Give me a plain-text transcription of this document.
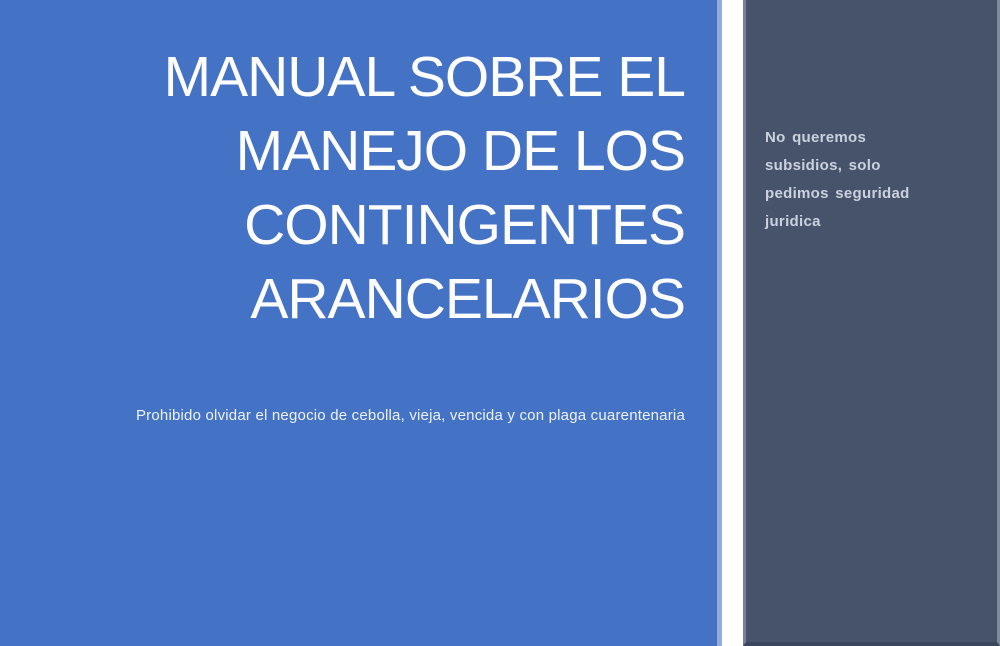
MANUAL SOBRE EL
MANEJO DE LOS
CONTINGENTES
ARANCELARIOS
Prohibido olvidar el negocio de cebolla, vieja, vencida y con plaga cuarentenaria
No queremos
subsidios, solo
pedimos seguridad
juridica
